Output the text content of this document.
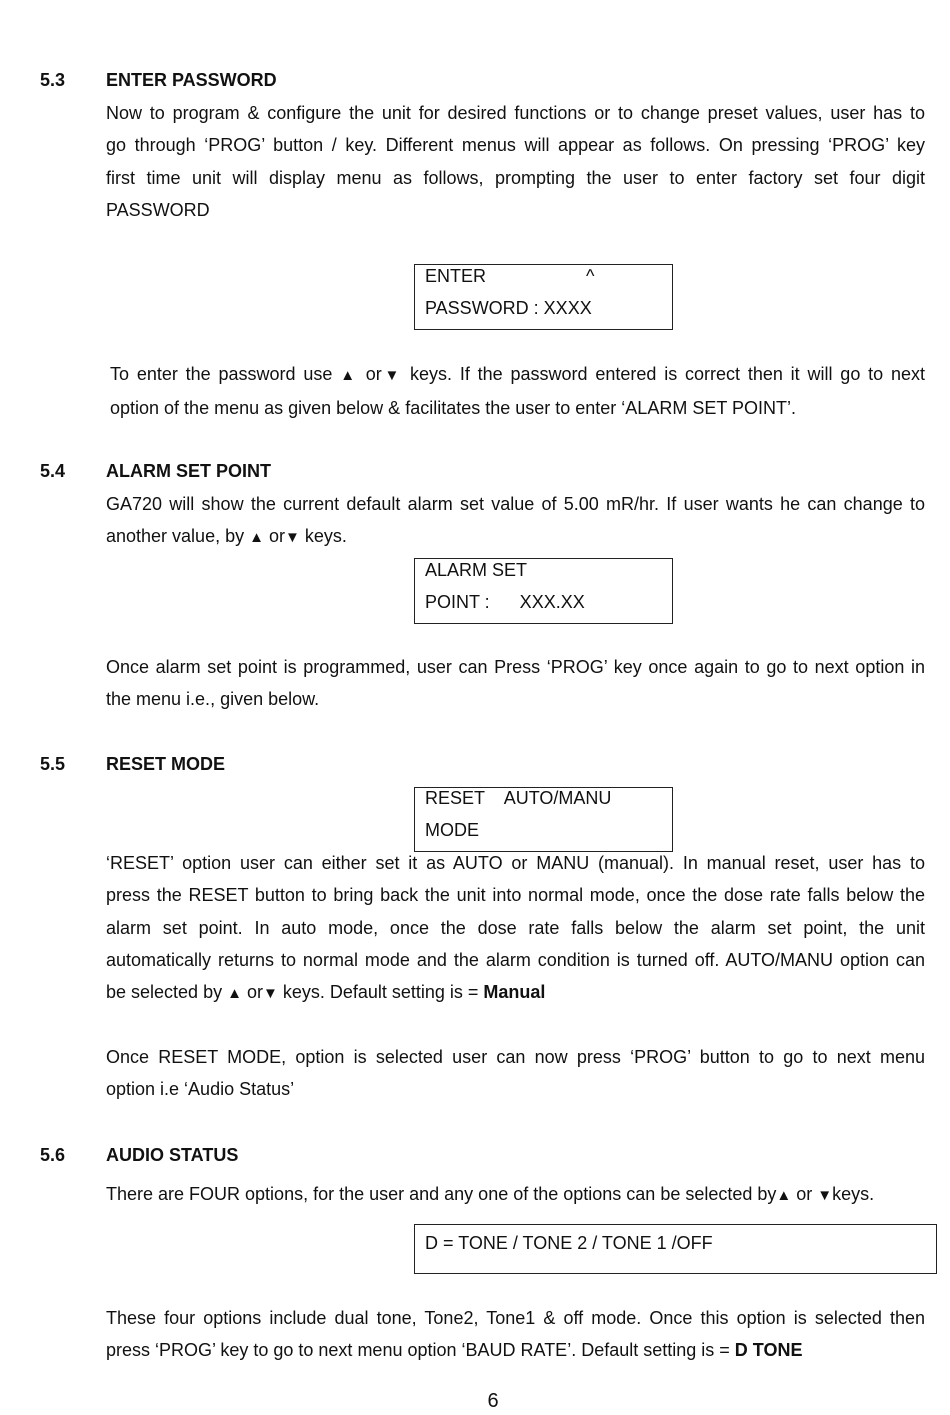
5.3 ENTER PASSWORD
Now to program & configure the unit for desired functions or to change preset values, user has to
go through ‘PROG’ button / key. Different menus will appear as follows. On pressing ‘PROG’ key
first time unit will display menu as follows, prompting the user to enter factory set four digit
PASSWORD
ENTER                    ^
PASSWORD : XXXX
To enter the password use ▲ or▼ keys. If the password entered is correct then it will go to next
option of the menu as given below & facilitates the user to enter ‘ALARM SET POINT’.
5.4 ALARM SET POINT
GA720 will show the current default alarm set value of 5.00 mR/hr. If user wants he can change to
another value, by ▲ or▼ keys.
ALARM SET
POINT :      XXX.XX
Once alarm set point is programmed, user can Press ‘PROG’ key once again to go to next option in
the menu i.e., given below.
5.5 RESET MODE
RESET    AUTO/MANU
MODE
‘RESET’ option user can either set it as AUTO or MANU (manual). In manual reset, user has to
press the RESET button to bring back the unit into normal mode, once the dose rate falls below the
alarm set point. In auto mode, once the dose rate falls below the alarm set point, the unit
automatically returns to normal mode and the alarm condition is turned off. AUTO/MANU option can
be selected by ▲ or▼ keys. Default setting is = Manual
Once RESET MODE, option is selected user can now press ‘PROG’ button to go to next menu
option i.e ‘Audio Status’
5.6 AUDIO STATUS
There are FOUR options, for the user and any one of the options can be selected by▲ or ▼keys.
D = TONE / TONE 2 / TONE 1 /OFF
These four options include dual tone, Tone2, Tone1 & off mode. Once this option is selected then
press ‘PROG’ key to go to next menu option ‘BAUD RATE’. Default setting is = D TONE
6
